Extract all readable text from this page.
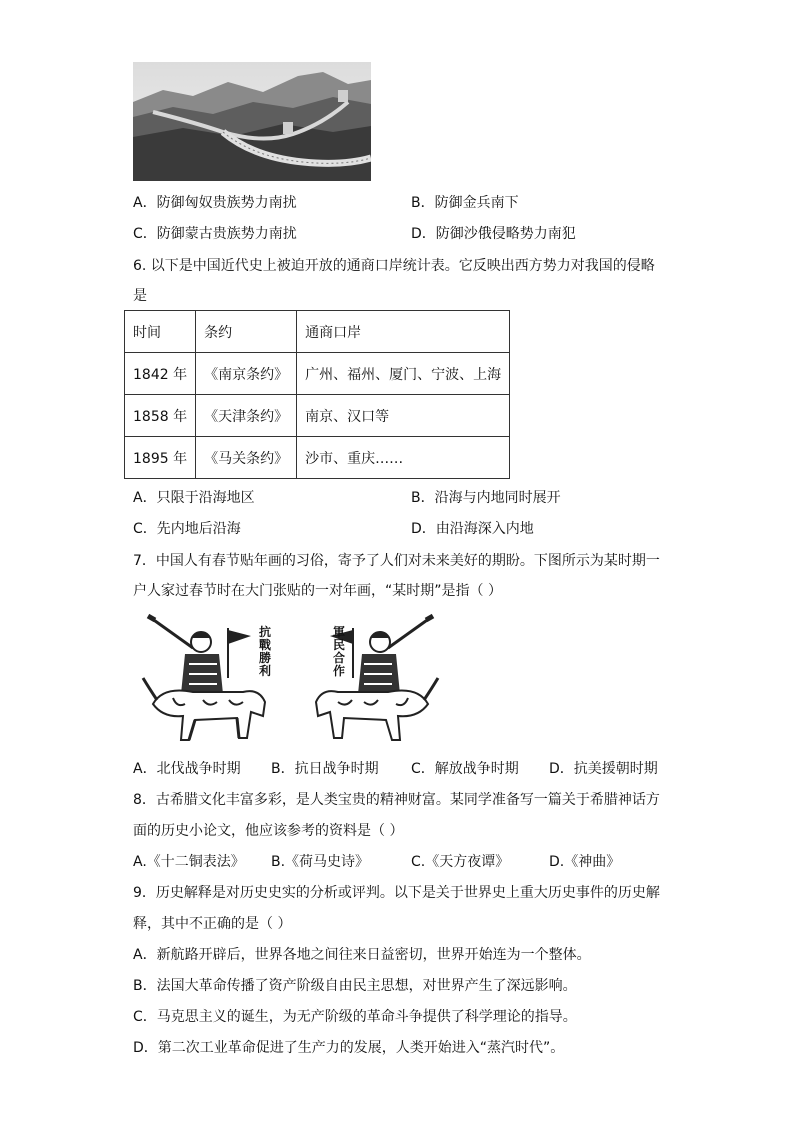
A．防御匈奴贵族势力南扰	B．防御金兵南下
C．防御蒙古贵族势力南扰	D．防御沙俄侵略势力南犯
6. 以下是中国近代史上被迫开放的通商口岸统计表。它反映出西方势力对我国的侵略
是
时间	条约	通商口岸
1842 年	《南京条约》	广州、福州、厦门、宁波、上海
1858 年	《天津条约》	南京、汉口等
1895 年	《马关条约》	沙市、重庆……
A．只限于沿海地区	B．沿海与内地同时展开
C．先内地后沿海	D．由沿海深入内地
7．中国人有春节贴年画的习俗，寄予了人们对未来美好的期盼。下图所示为某时期一
户人家过春节时在大门张贴的一对年画，“某时期”是指（ ）
抗戰勝利
軍民合作
A．北伐战争时期 B．抗日战争时期 C．解放战争时期 D．抗美援朝时期
8．古希腊文化丰富多彩，是人类宝贵的精神财富。某同学准备写一篇关于希腊神话方
面的历史小论文，他应该参考的资料是（ ）
A.《十二铜表法》 B.《荷马史诗》	C.《天方夜谭》	D.《神曲》
9．历史解释是对历史史实的分析或评判。以下是关于世界史上重大历史事件的历史解
释，其中不正确的是（ ）
A．新航路开辟后，世界各地之间往来日益密切，世界开始连为一个整体。
B．法国大革命传播了资产阶级自由民主思想，对世界产生了深远影响。
C．马克思主义的诞生，为无产阶级的革命斗争提供了科学理论的指导。
D．第二次工业革命促进了生产力的发展，人类开始进入“蒸汽时代”。
